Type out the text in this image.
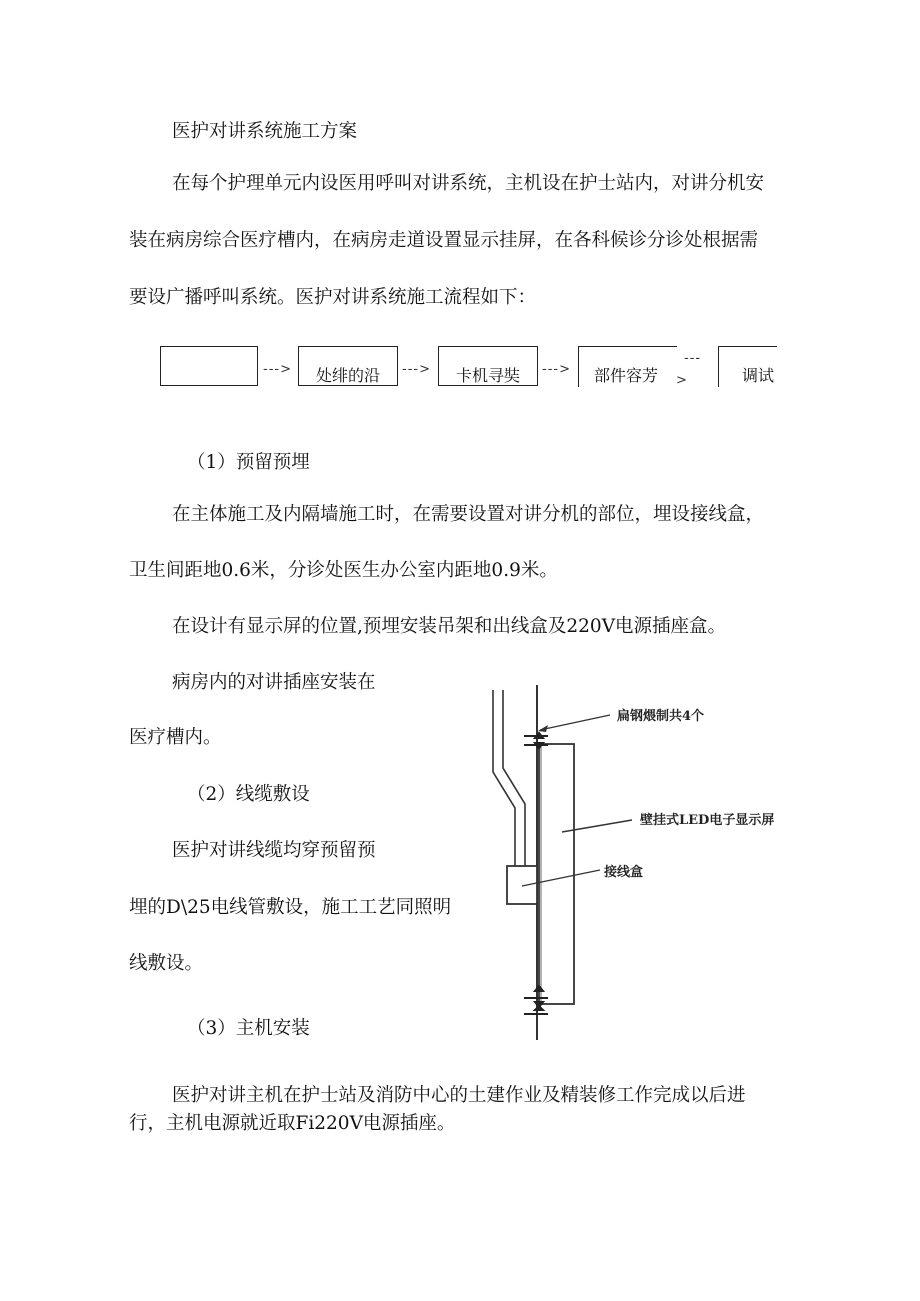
医护对讲系统施工方案
在每个护理单元内设医用呼叫对讲系统，主机设在护士站内，对讲分机安
装在病房综合医疗槽内，在病房走道设置显示挂屏，在各科候诊分诊处根据需
要设广播呼叫系统。医护对讲系统施工流程如下：
---> 处绯的沿 ---> 卡机寻奘 ---> 部件容芳 >
---
调试
（1）预留预埋
在主体施工及内隔墙施工时，在需要设置对讲分机的部位，埋设接线盒，
卫生间距地0.6米，分诊处医生办公室内距地0.9米。
在设计有显示屏的位置,预埋安装吊架和出线盒及220V电源插座盒。
病房内的对讲插座安装在
医疗槽内。
（2）线缆敷设
医护对讲线缆均穿预留预
埋的D\25电线管敷设，施工工艺同照明
线敷设。
（3）主机安装
医护对讲主机在护士站及消防中心的土建作业及精装修工作完成以后进
行，主机电源就近取Fi220V电源插座。
扁钢煨制共4个
壁挂式LED电子显示屏
接线盒
